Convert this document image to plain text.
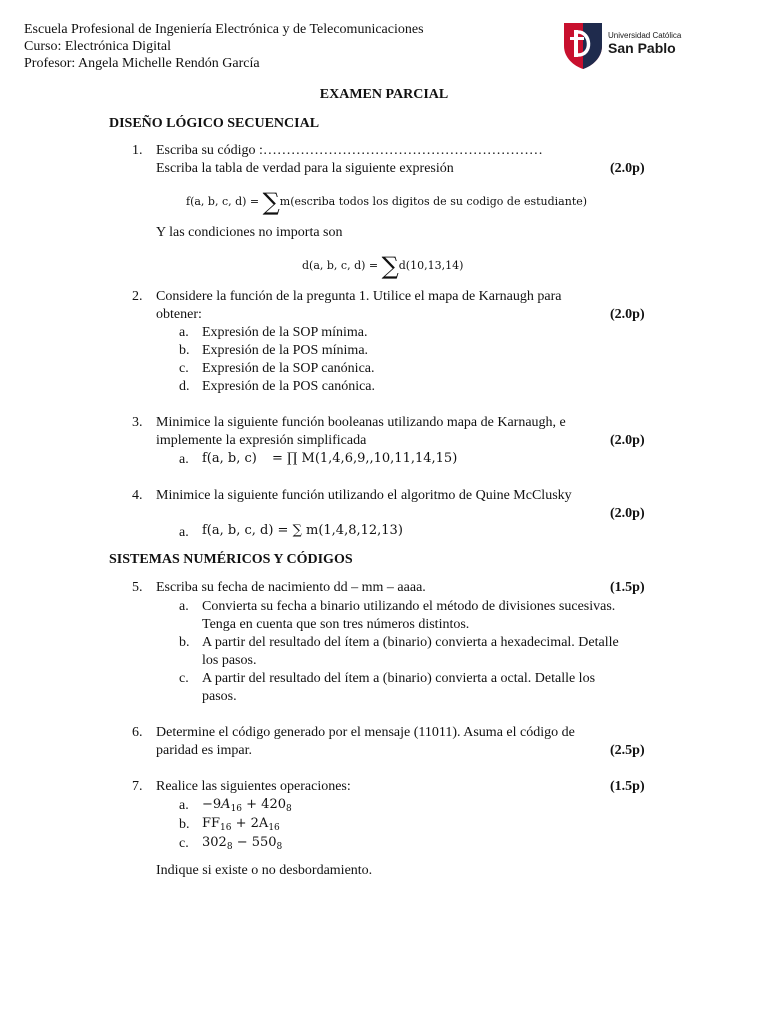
Escuela Profesional de Ingeniería Electrónica y de Telecomunicaciones
Curso: Electrónica Digital
Profesor: Angela Michelle Rendón García
Universidad Católica
San Pablo
EXAMEN PARCIAL
DISEÑO LÓGICO SECUENCIAL
1. Escriba su código :……………………………………………………
Escriba la tabla de verdad para la siguiente expresión	(2.0p)
f(a, b, c, d) = ∑m(escriba todos los digitos de su codigo de estudiante)
Y las condiciones no importa son
d(a, b, c, d) = ∑d(10,13,14)
2. Considere la función de la pregunta 1. Utilice el mapa de Karnaugh para
obtener:	(2.0p)
a. Expresión de la SOP mínima.
b. Expresión de la POS mínima.
c. Expresión de la SOP canónica.
d. Expresión de la POS canónica.
3. Minimice la siguiente función booleanas utilizando mapa de Karnaugh, e
implemente la expresión simplificada	(2.0p)
a. f(a, b, c) = ∏ M(1,4,6,9,,10,11,14,15)
4. Minimice la siguiente función utilizando el algoritmo de Quine McClusky
(2.0p)
a. f(a, b, c, d) = ∑ m(1,4,8,12,13)
SISTEMAS NUMÉRICOS Y CÓDIGOS
5. Escriba su fecha de nacimiento dd – mm – aaaa.	(1.5p)
a. Convierta su fecha a binario utilizando el método de divisiones sucesivas.
Tenga en cuenta que son tres números distintos.
b. A partir del resultado del ítem a (binario) convierta a hexadecimal. Detalle
los pasos.
c. A partir del resultado del ítem a (binario) convierta a octal. Detalle los
pasos.
6. Determine el código generado por el mensaje (11011). Asuma el código de
paridad es impar.	(2.5p)
7. Realice las siguientes operaciones:	(1.5p)
a. $-9A_{16} + 420_8$
b. $FF_{16} + 2A_{16}$
c. $302_8 - 550_8$
Indique si existe o no desbordamiento.
